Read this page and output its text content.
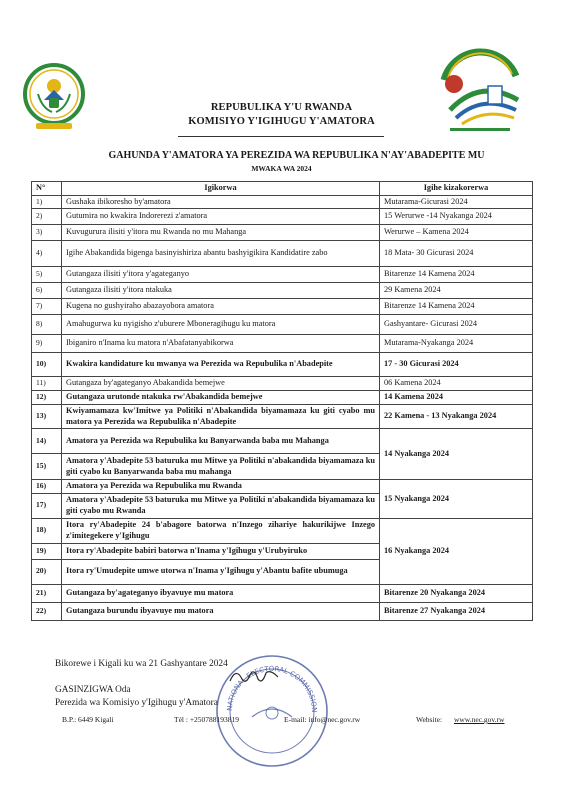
REPUBULIKA Y'U RWANDA
KOMISIYO Y'IGIHUGU Y'AMATORA
GAHUNDA Y'AMATORA YA PEREZIDA WA REPUBULIKA N'AY'ABADEPITE MU
MWAKA WA 2024
N°	Igikorwa	Igihe kizakorerwa
1)	Gushaka ibikoresho by'amatora	Mutarama-Gicurasi 2024
2)	Gutumira no kwakira Indorerezi z'amatora	15 Werurwe -14 Nyakanga 2024
3)	Kuvugurura ilisiti y'itora mu Rwanda no mu Mahanga	Werurwe – Kamena 2024
4)	Igihe Abakandida bigenga basinyishiriza abantu bashyigikira Kandidatire zabo	18 Mata- 30 Gicurasi 2024
5)	Gutangaza ilisiti y'itora y'agateganyo	Bitarenze 14 Kamena 2024
6)	Gutangaza ilisiti y'itora ntakuka	29 Kamena 2024
7)	Kugena no gushyiraho abazayobora amatora	Bitarenze 14 Kamena 2024
8)	Amahugurwa ku nyigisho z'uburere Mboneragihugu ku matora	Gashyantare- Gicurasi 2024
9)	Ibiganiro n'Inama ku matora n'Abafatanyabikorwa	Mutarama-Nyakanga 2024
10)	Kwakira kandidature ku mwanya wa Perezida wa Repubulika n'Abadepite	17 - 30 Gicurasi 2024
11)	Gutangaza by'agateganyo Abakandida bemejwe	06 Kamena 2024
12)	Gutangaza urutonde ntakuka rw'Abakandida bemejwe	14 Kamena 2024
13)	Kwiyamamaza kw'Imitwe ya Politiki n'Abakandida biyamamaza ku giti cyabo mu matora ya Perezida wa Repubulika n'Abadepite	22 Kamena - 13 Nyakanga 2024
14)	Amatora ya Perezida wa Repubulika ku Banyarwanda baba mu Mahanga	14 Nyakanga 2024
15)	Amatora y'Abadepite 53 baturuka mu Mitwe ya Politiki n'abakandida biyamamaza ku giti cyabo ku Banyarwanda baba mu mahanga	
16)	Amatora ya Perezida wa Repubulika mu Rwanda	15 Nyakanga 2024
17)	Amatora y'Abadepite 53 baturuka mu Mitwe ya Politiki n'abakandida biyamamaza ku giti cyabo mu Rwanda	
18)	Itora ry'Abadepite 24 b'abagore batorwa n'Inzego zihariye hakurikijwe Inzego z'imitegekere y'Igihugu	16 Nyakanga 2024
19)	Itora ry'Abadepite babiri batorwa n'Inama y'Igihugu y'Urubyiruko	
20)	Itora ry'Umudepite umwe utorwa n'Inama y'Igihugu y'Abantu bafite ubumuga	
21)	Gutangaza by'agateganyo ibyavuye mu matora	Bitarenze 20 Nyakanga 2024
22)	Gutangaza burundu ibyavuye mu matora	Bitarenze 27 Nyakanga 2024
NATIONAL ELECTORAL COMMISSION
Bikorewe i Kigali ku wa 21 Gashyantare 2024
GASINZIGWA Oda
Perezida wa Komisiyo y'Igihugu y'Amatora
B.P.: 6449 Kigali	Tél : +250788193819	E-mail: info@nec.gov.rw	Website: www.nec.gov.rw
